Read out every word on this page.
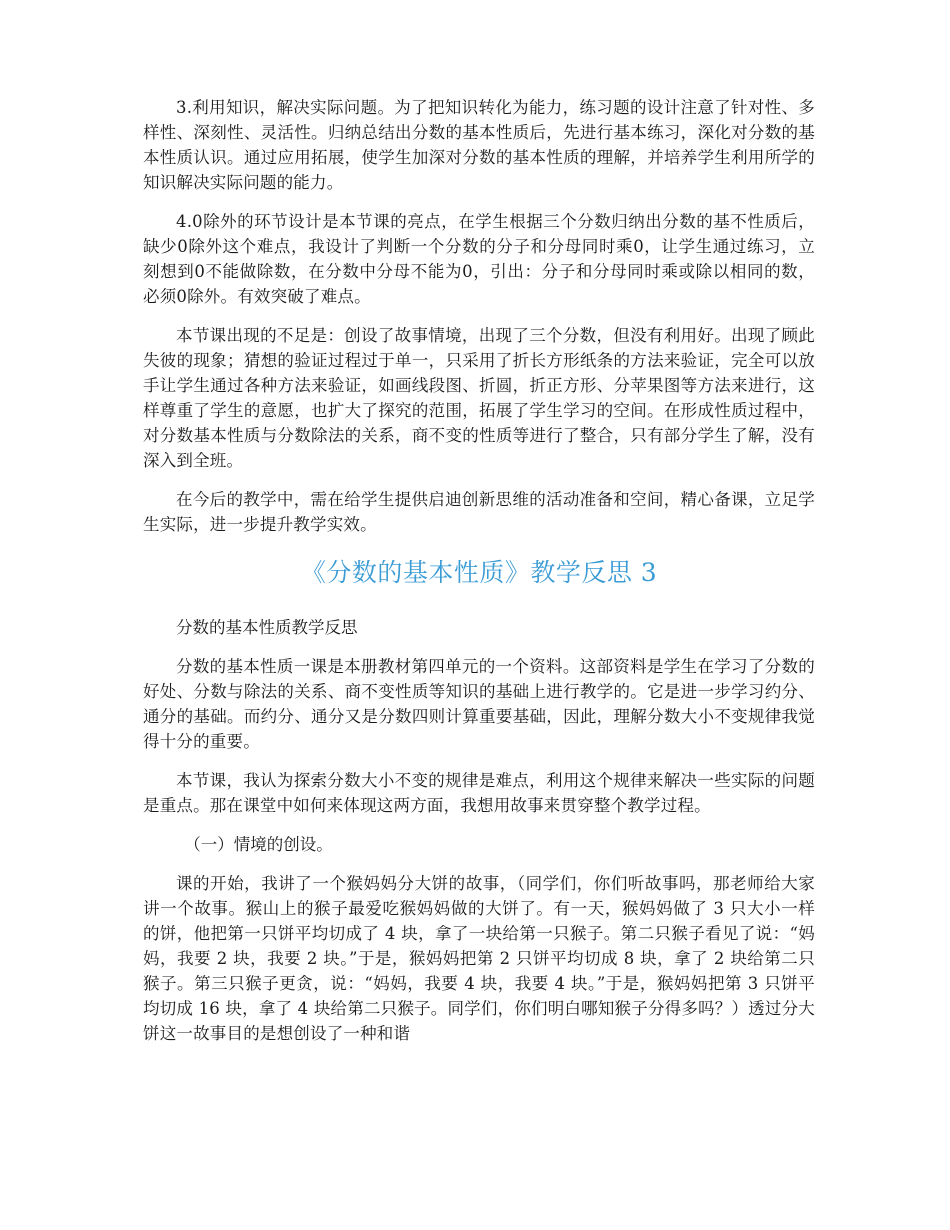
3.利用知识，解决实际问题。为了把知识转化为能力，练习题的设计注意了针对性、多样性、深刻性、灵活性。归纳总结出分数的基本性质后，先进行基本练习，深化对分数的基本性质认识。通过应用拓展，使学生加深对分数的基本性质的理解，并培养学生利用所学的知识解决实际问题的能力。

4.0除外的环节设计是本节课的亮点，在学生根据三个分数归纳出分数的基不性质后，缺少0除外这个难点，我设计了判断一个分数的分子和分母同时乘0，让学生通过练习，立刻想到0不能做除数，在分数中分母不能为0，引出：分子和分母同时乘或除以相同的数，必须0除外。有效突破了难点。

本节课出现的不足是：创设了故事情境，出现了三个分数，但没有利用好。出现了顾此失彼的现象；猜想的验证过程过于单一，只采用了折长方形纸条的方法来验证，完全可以放手让学生通过各种方法来验证，如画线段图、折圆，折正方形、分苹果图等方法来进行，这样尊重了学生的意愿，也扩大了探究的范围，拓展了学生学习的空间。在形成性质过程中，对分数基本性质与分数除法的关系，商不变的性质等进行了整合，只有部分学生了解，没有深入到全班。

在今后的教学中，需在给学生提供启迪创新思维的活动准备和空间，精心备课，立足学生实际，进一步提升教学实效。

《分数的基本性质》教学反思 3

分数的基本性质教学反思

分数的基本性质一课是本册教材第四单元的一个资料。这部资料是学生在学习了分数的好处、分数与除法的关系、商不变性质等知识的基础上进行教学的。它是进一步学习约分、通分的基础。而约分、通分又是分数四则计算重要基础，因此，理解分数大小不变规律我觉得十分的重要。

本节课，我认为探索分数大小不变的规律是难点，利用这个规律来解决一些实际的问题是重点。那在课堂中如何来体现这两方面，我想用故事来贯穿整个教学过程。

（一）情境的创设。

课的开始，我讲了一个猴妈妈分大饼的故事，（同学们，你们听故事吗，那老师给大家讲一个故事。猴山上的猴子最爱吃猴妈妈做的大饼了。有一天，猴妈妈做了 3 只大小一样的饼，他把第一只饼平均切成了 4 块，拿了一块给第一只猴子。第二只猴子看见了说：“妈妈，我要 2 块，我要 2 块。”于是，猴妈妈把第 2 只饼平均切成 8 块，拿了 2 块给第二只猴子。第三只猴子更贪，说：“妈妈，我要 4 块，我要 4 块。”于是，猴妈妈把第 3 只饼平均切成 16 块，拿了 4 块给第二只猴子。同学们，你们明白哪知猴子分得多吗？）透过分大饼这一故事目的是想创设了一种和谐
